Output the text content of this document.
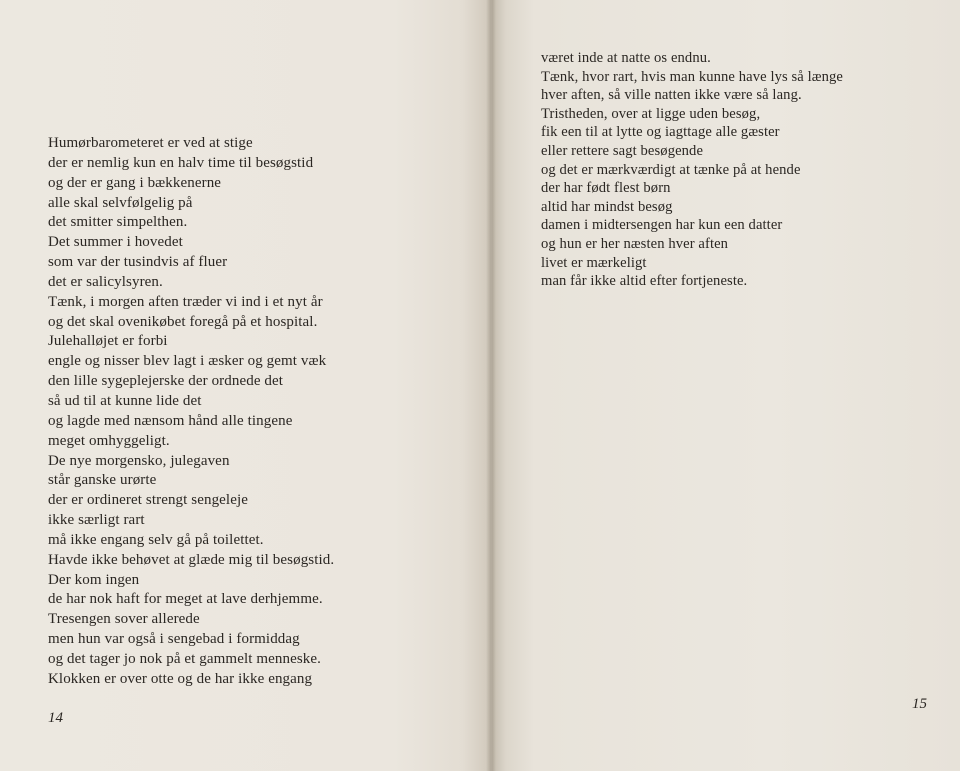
Humørbarometeret er ved at stige
der er nemlig kun en halv time til besøgstid
og der er gang i bækkenerne
alle skal selvfølgelig på
det smitter simpelthen.
Det summer i hovedet
som var der tusindvis af fluer
det er salicylsyren.
Tænk, i morgen aften træder vi ind i et nyt år
og det skal ovenikøbet foregå på et hospital.
Julehalløjet er forbi
engle og nisser blev lagt i æsker og gemt væk
den lille sygeplejerske der ordnede det
så ud til at kunne lide det
og lagde med nænsom hånd alle tingene
meget omhyggeligt.
De nye morgensko, julegaven
står ganske urørte
der er ordineret strengt sengeleje
ikke særligt rart
må ikke engang selv gå på toilettet.
Havde ikke behøvet at glæde mig til besøgstid.
Der kom ingen
de har nok haft for meget at lave derhjemme.
Tresengen sover allerede
men hun var også i sengebad i formiddag
og det tager jo nok på et gammelt menneske.
Klokken er over otte og de har ikke engang
14
været inde at natte os endnu.
Tænk, hvor rart, hvis man kunne have lys så længe
hver aften, så ville natten ikke være så lang.
Tristheden, over at ligge uden besøg,
fik een til at lytte og iagttage alle gæster
eller rettere sagt besøgende
og det er mærkværdigt at tænke på at hende
der har født flest børn
altid har mindst besøg
damen i midtersengen har kun een datter
og hun er her næsten hver aften
livet er mærkeligt
man får ikke altid efter fortjeneste.
15
